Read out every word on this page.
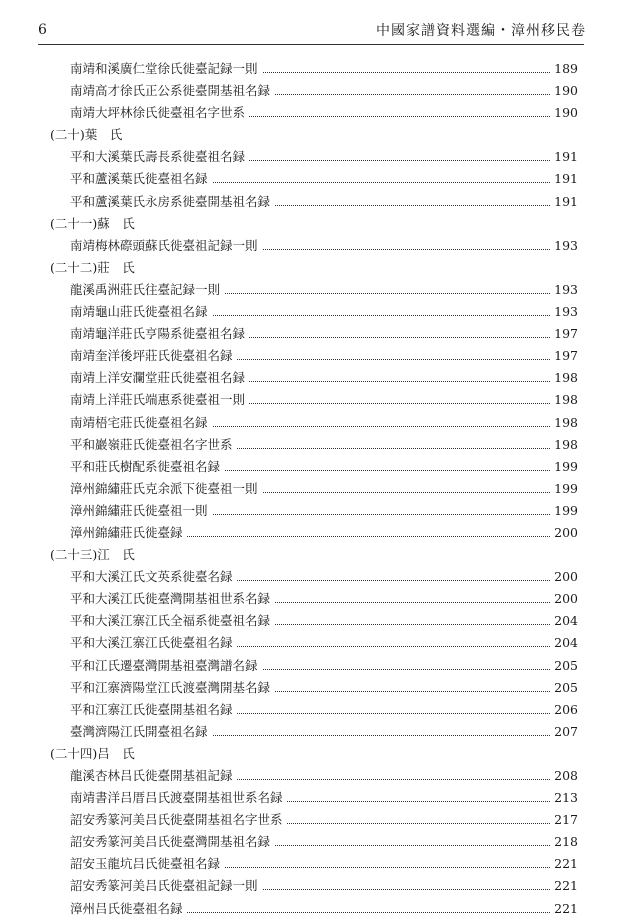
6	中國家譜資料選編・漳州移民卷
南靖和溪廣仁堂徐氏徙臺記録一則	189
南靖高才徐氏正公系徙臺開基祖名録	190
南靖大坪林徐氏徙臺祖名字世系	190
(二十)葉　氏
平和大溪葉氏壽長系徙臺祖名録	191
平和蘆溪葉氏徙臺祖名録	191
平和蘆溪葉氏永房系徙臺開基祖名録	191
(二十一)蘇　氏
南靖梅林磜頭蘇氏徙臺祖記録一則	193
(二十二)莊　氏
龍溪禹洲莊氏往臺記録一則	193
南靖龜山莊氏徙臺祖名録	193
南靖龜洋莊氏亨陽系徙臺祖名録	197
南靖奎洋後坪莊氏徙臺祖名録	197
南靖上洋安瀾堂莊氏徙臺祖名録	198
南靖上洋莊氏端惠系徙臺祖一則	198
南靖梧宅莊氏徙臺祖名録	198
平和巖嶺莊氏徙臺祖名字世系	198
平和莊氏樹配系徙臺祖名録	199
漳州錦繡莊氏克余派下徙臺祖一則	199
漳州錦繡莊氏徙臺祖一則	199
漳州錦繡莊氏徙臺録	200
(二十三)江　氏
平和大溪江氏文英系徙臺名録	200
平和大溪江氏徙臺灣開基祖世系名録	200
平和大溪江寨江氏全福系徙臺祖名録	204
平和大溪江寨江氏徙臺祖名録	204
平和江氏遷臺灣開基祖臺灣譜名録	205
平和江寨濟陽堂江氏渡臺灣開基名録	205
平和江寨江氏徙臺開基祖名録	206
臺灣濟陽江氏開臺祖名録	207
(二十四)吕　氏
龍溪杏林吕氏徙臺開基祖記録	208
南靖書洋吕厝吕氏渡臺開基祖世系名録	213
詔安秀篆河美吕氏徙臺開基祖名字世系	217
詔安秀篆河美吕氏徙臺灣開基祖名録	218
詔安玉龍坑吕氏徙臺祖名録	221
詔安秀篆河美吕氏徙臺祖記録一則	221
漳州吕氏徙臺祖名録	221
